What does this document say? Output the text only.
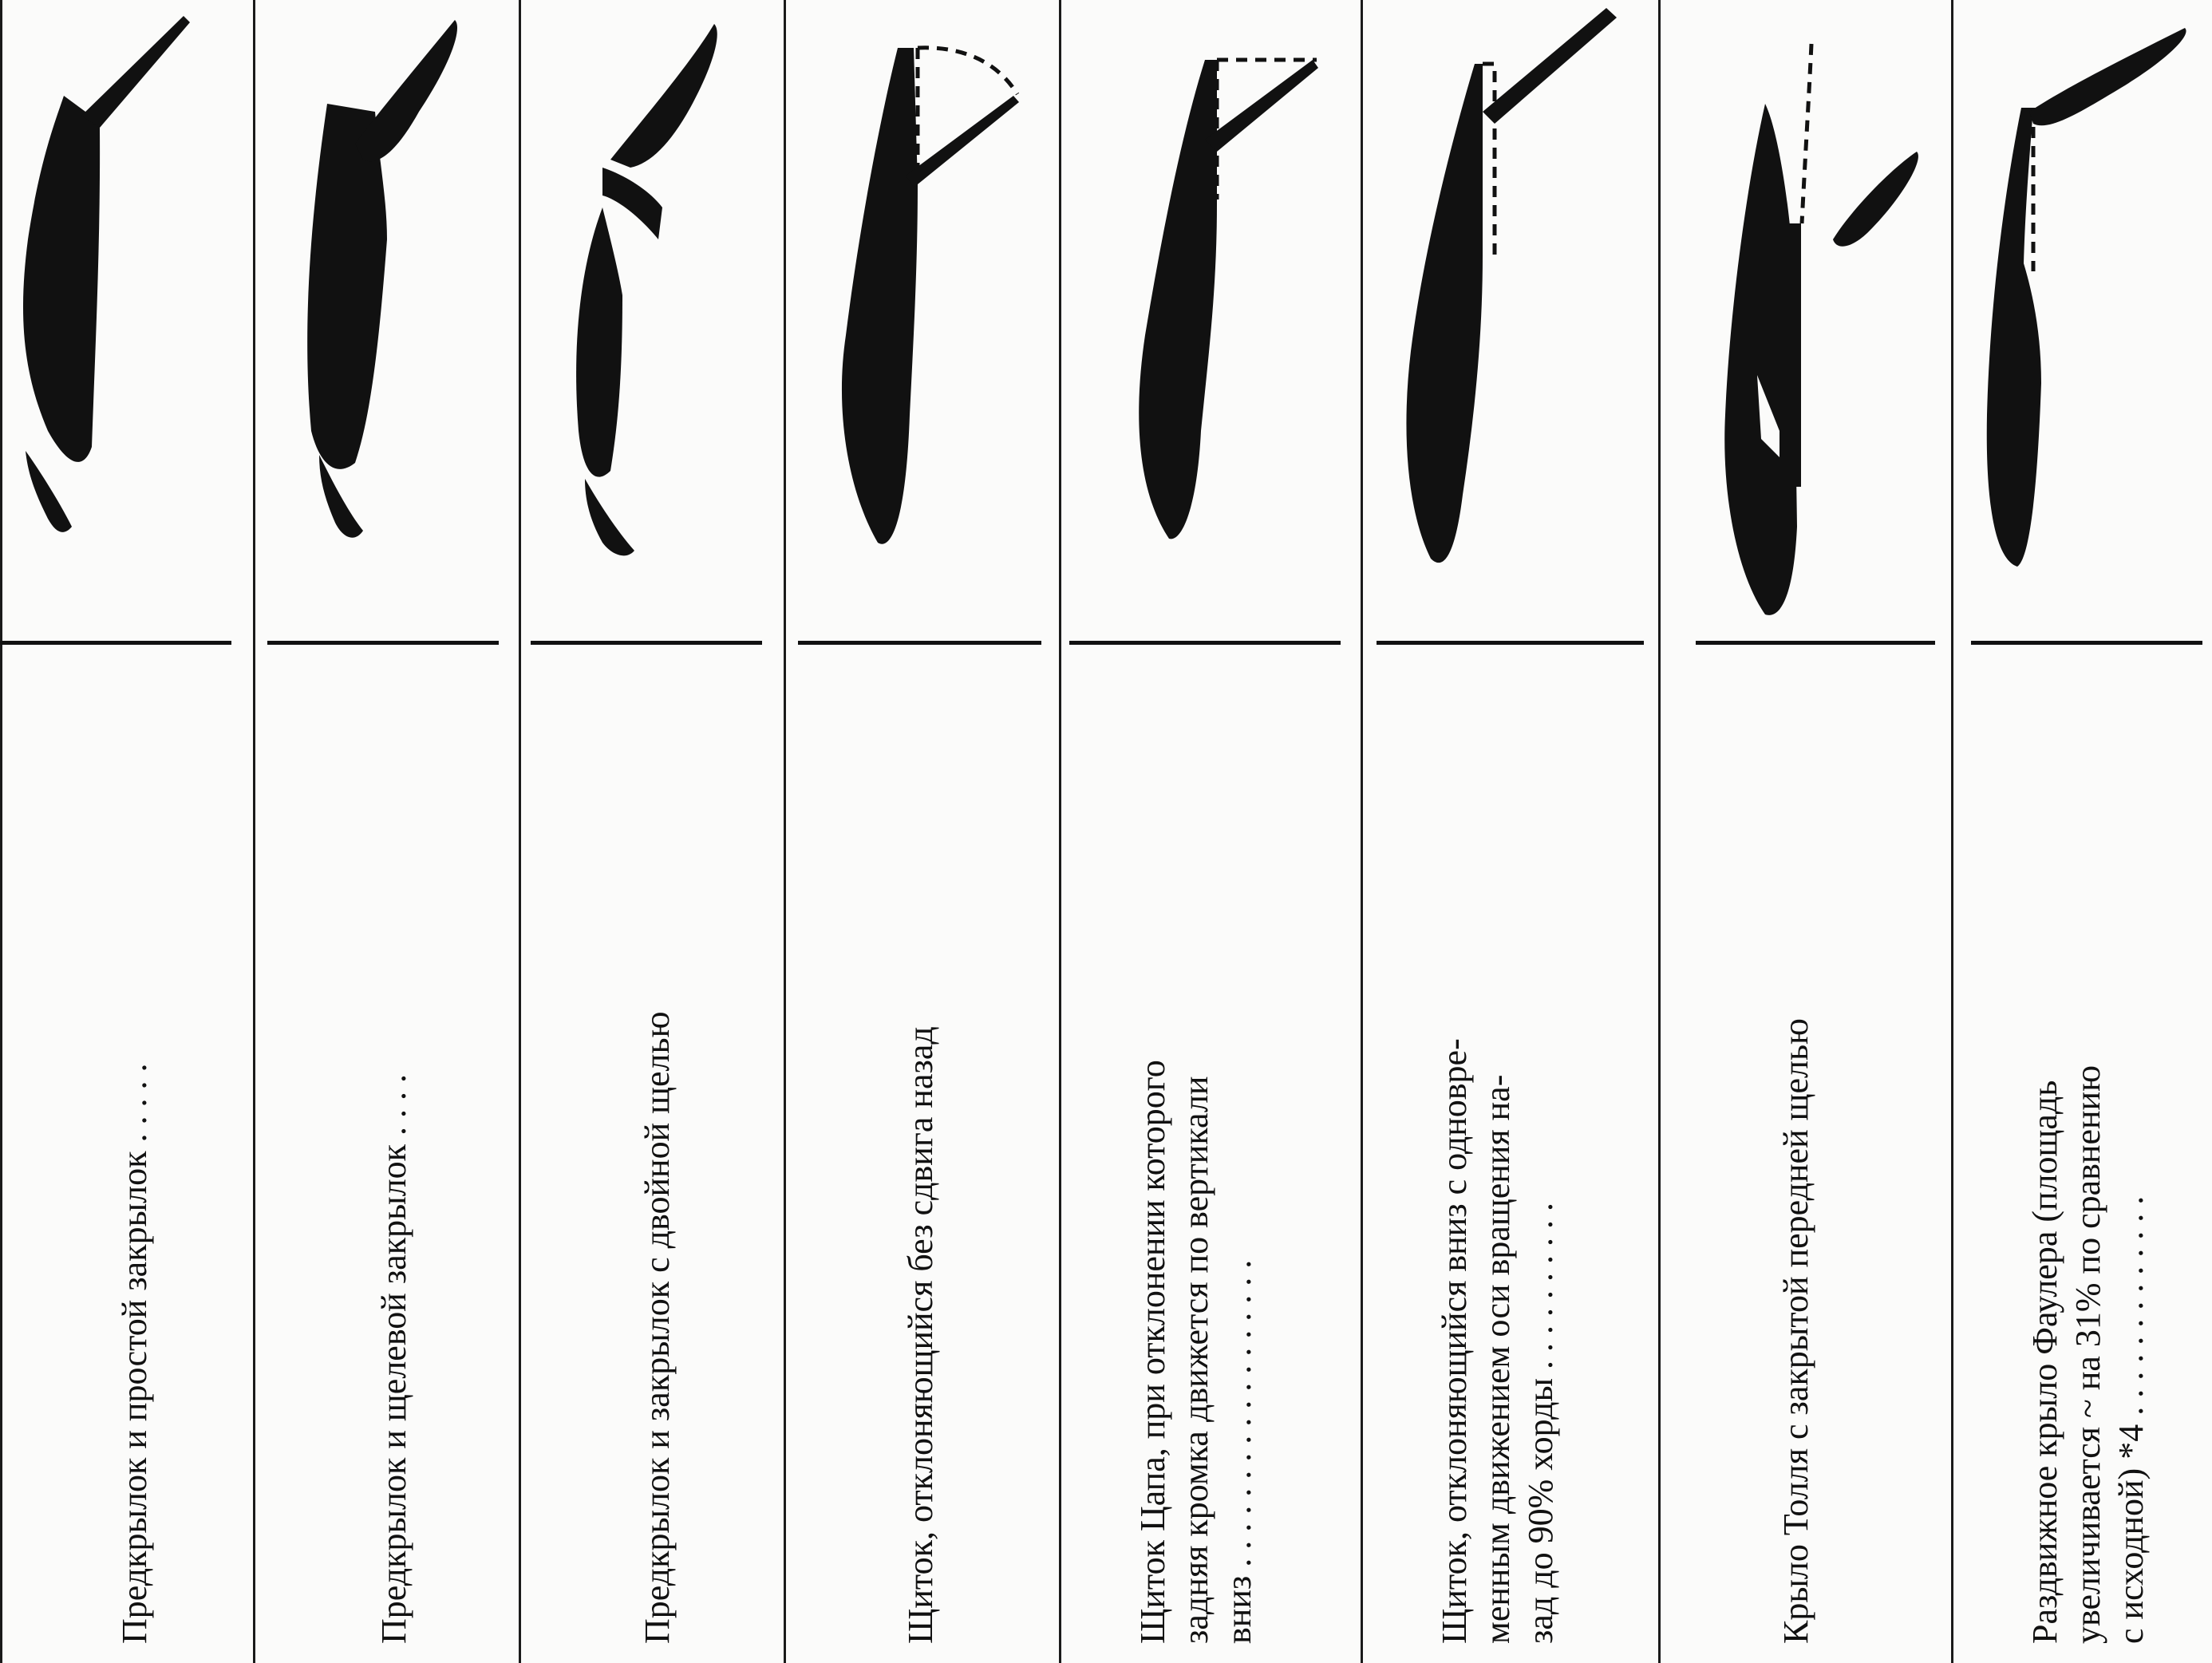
Предкрылок и простой закрылок . . . . .	Предкрылок и щелевой закрылок . . . .	Предкрылок и закрылок с двойной щелью	Щиток, отклоняющийся без сдвига назад	Щиток Цапа, при отклонении которого задняя кромка движется по вертикали вниз . . . . . . . . . . . . . . . . . .	Щиток, отклоняющийся вниз с одновре- менным движением оси вращения на- зад до 90% хорды . . . . . . . . . .	Крыло Толля с закрытой передней щелью	Раздвижное крыло Фаулера (площадь увеличивается ~ на 31% по сравнению с исходной) *4 . . . . . . . . . . . . .
